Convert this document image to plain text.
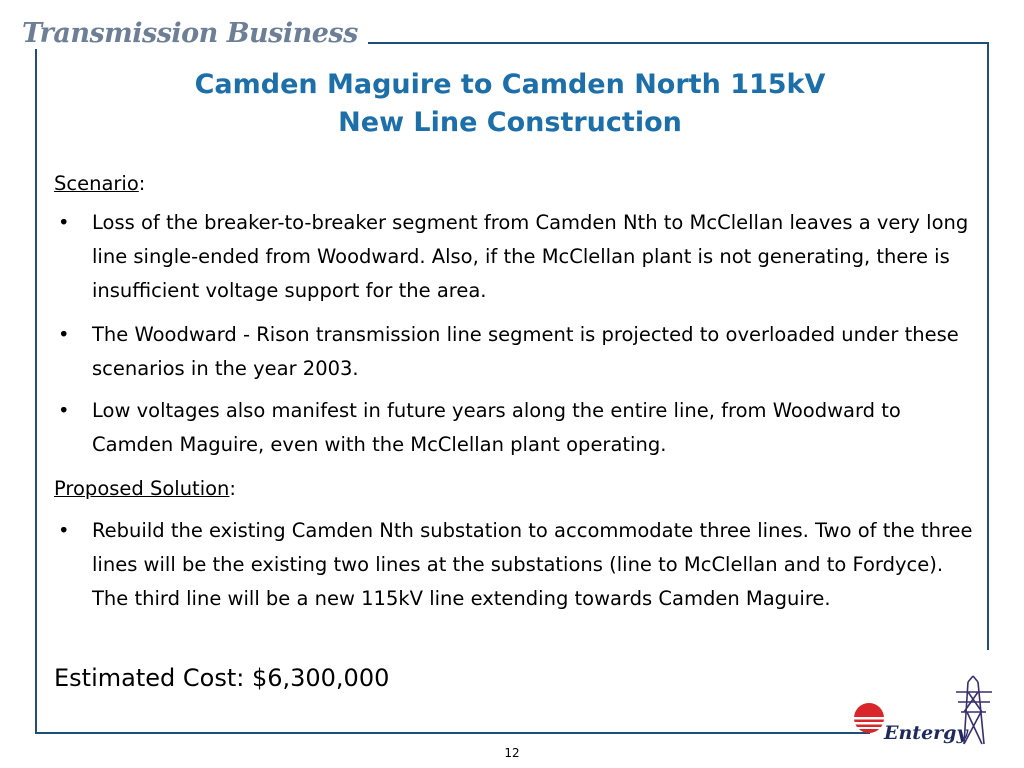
Transmission Business
Camden Maguire to Camden North 115kV
New Line Construction
Scenario:
• Loss of the breaker-to-breaker segment from Camden Nth to McClellan leaves a very long line single-ended from Woodward. Also, if the McClellan plant is not generating, there is insufficient voltage support for the area.
• The Woodward - Rison transmission line segment is projected to overloaded under these scenarios in the year 2003.
• Low voltages also manifest in future years along the entire line, from Woodward to Camden Maguire, even with the McClellan plant operating.
Proposed Solution:
• Rebuild the existing Camden Nth substation to accommodate three lines. Two of the three lines will be the existing two lines at the substations (line to McClellan and to Fordyce). The third line will be a new 115kV line extending towards Camden Maguire.
Estimated Cost: $6,300,000
Entergy
12
